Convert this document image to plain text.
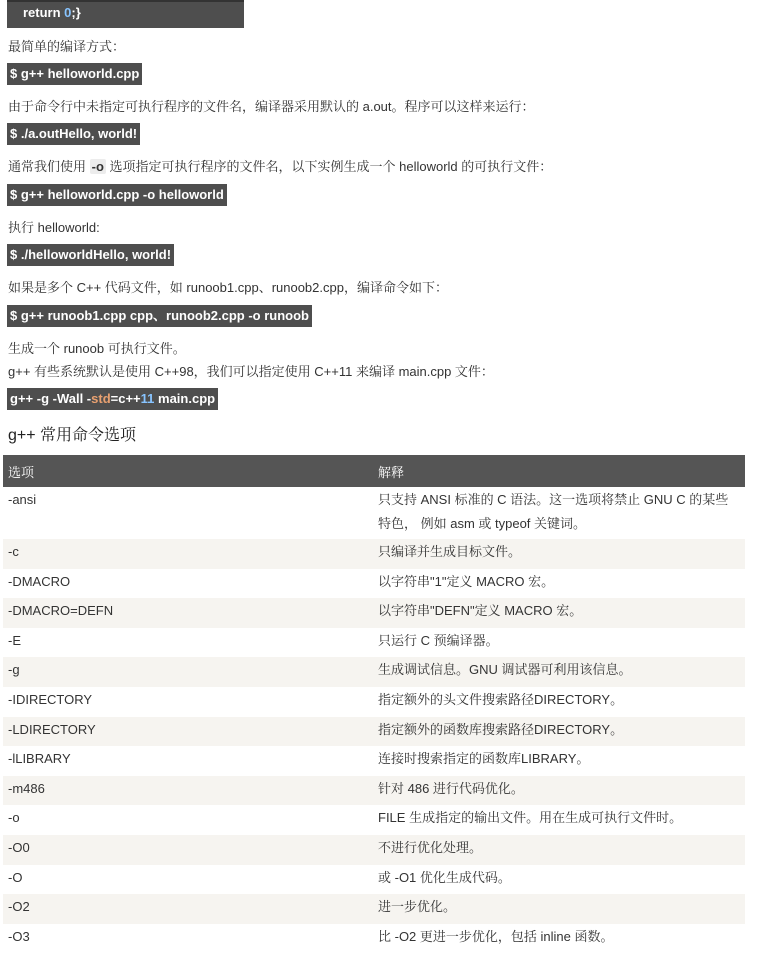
return 0;}
最简单的编译方式：
$ g++ helloworld.cpp
由于命令行中未指定可执行程序的文件名，编译器采用默认的 a.out。程序可以这样来运行：
$ ./a.outHello, world!
通常我们使用 -o 选项指定可执行程序的文件名，以下实例生成一个 helloworld 的可执行文件：
$ g++ helloworld.cpp -o helloworld
执行 helloworld:
$ ./helloworldHello, world!
如果是多个 C++ 代码文件，如 runoob1.cpp、runoob2.cpp，编译命令如下：
$ g++ runoob1.cpp cpp、runoob2.cpp -o runoob
生成一个 runoob 可执行文件。
g++ 有些系统默认是使用 C++98，我们可以指定使用 C++11 来编译 main.cpp 文件：
g++ -g -Wall -std=c++11 main.cpp
g++ 常用命令选项
选项	解释
-ansi	只支持 ANSI 标准的 C 语法。这一选项将禁止 GNU C 的某些特色， 例如 asm 或 typeof 关键词。
-c	只编译并生成目标文件。
-DMACRO	以字符串"1"定义 MACRO 宏。
-DMACRO=DEFN	以字符串"DEFN"定义 MACRO 宏。
-E	只运行 C 预编译器。
-g	生成调试信息。GNU 调试器可利用该信息。
-IDIRECTORY	指定额外的头文件搜索路径DIRECTORY。
-LDIRECTORY	指定额外的函数库搜索路径DIRECTORY。
-lLIBRARY	连接时搜索指定的函数库LIBRARY。
-m486	针对 486 进行代码优化。
-o	FILE 生成指定的输出文件。用在生成可执行文件时。
-O0	不进行优化处理。
-O	或 -O1 优化生成代码。
-O2	进一步优化。
-O3	比 -O2 更进一步优化，包括 inline 函数。
